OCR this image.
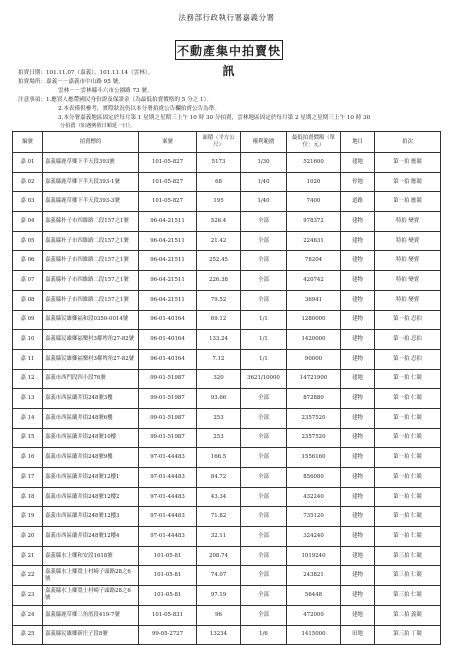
法務部行政執行署嘉義分署
不動產集中拍賣快訊
拍賣日期：101.11.07（嘉義）、101.11.14（雲林）。
拍賣場所：嘉義－－嘉義市中山路 95 號。
雲林－－雲林縣斗六市公園路 73 號。
注意事項：1.應買人應帶國民身份證及保證金（為最低拍賣價格的 5 分之 1）。
2.本表僅供參考，實際狀況仍以本分署拍賣公告欄拍賣公告為準。
3.本分署嘉義地區固定於每月第 1 星期之星期三上午 10 時 30 分拍賣，雲林地區固定於每月第 2 星期之星期三上午 10 時 30
分拍賣（如遇例假日順延一日）。
編號	拍賣標的	案號	面積（平方公尺）	權利範圍	最低拍賣價額（單位：元）	地目	拍次
嘉 01	嘉義縣鹿草鄉下半天段393號	101-05-827	5173	1/30	521600	建地	第一拍 應競
嘉 02	嘉義縣鹿草鄉下半天段393-1號	101-05-827	68	1/40	1020	停地	第一拍 應競
嘉 03	嘉義縣鹿草鄉下半天段393-3號	101-05-827	195	1/40	7400	道路	第一拍 應競
嘉 04	嘉義縣朴子市四維路二段157之1號	96-04-21511	526.4	全部	978372	建物	特拍 變賣
嘉 05	嘉義縣朴子市四維路二段157之1號	96-04-21511	21.42	全部	224631	建物	特拍 變賣
嘉 06	嘉義縣朴子市四維路二段157之1號	96-04-21511	252.45	全部	78204	建物	特拍 變賣
嘉 07	嘉義縣朴子市四維路二段157之1號	96-04-21511	226.38	全部	420742	建物	特拍 變賣
嘉 08	嘉義縣朴子市四維路二段157之1號	96-04-21511	79.52	全部	36941	建物	特拍 變賣
嘉 09	嘉義縣民雄鄉福和段0350-0014號	96-01-40164	69.12	1/1	1280000	建物	第一拍 忍拍
嘉 10	嘉義縣民雄鄉福樂村3鄰埤角27-82號	96-01-40164	133.24	1/1	1420000	建物	第一拍 忍拍
嘉 11	嘉義縣民雄鄉福樂村3鄰埤角27-82號	96-01-40164	7.12	1/1	90000	建物	第一拍 忍拍
嘉 12	嘉義市西門段四小段76號	99-01-51987	320	3621/10000	14721900	建地	第一拍 仁競
嘉 13	嘉義市西區蘭井街248號3樓	99-01-51987	93.66	全部	872880	建物	第一拍 仁競
嘉 14	嘉義市西區蘭井街248號6樓	99-01-51987	253	全部	2357520	建物	第一拍 仁競
嘉 15	嘉義市西區蘭井街248號10樓	99-01-51987	253	全部	2357520	建物	第一拍 仁競
嘉 16	嘉義市西區蘭井街248號9樓	97-01-44483	166.5	全部	1556160	建物	第一拍 仁競
嘉 17	嘉義市西區蘭井街248號12樓1	97-01-44483	84.72	全部	856080	建物	第一拍 仁競
嘉 18	嘉義市西區蘭井街248號12樓2	97-01-44483	43.34	全部	432240	建物	第一拍 仁競
嘉 19	嘉義市西區蘭井街248號12樓3	97-01-44483	71.82	全部	735120	建物	第一拍 仁競
嘉 20	嘉義市西區蘭井街248號12樓4	97-01-44483	32.11	全部	324240	建物	第一拍 仁競
嘉 21	嘉義縣水上鄉和安段1618號	101-05-81	208.74	全部	1019240	建地	第三拍 仁競
嘉 22	嘉義縣水上鄉寬士村崎子頭路28之6號	101-05-81	74.07	全部	243821	建物	第三拍 仁競
嘉 23	嘉義縣水上鄉寬士村崎子頭路28之6號	101-05-81	97.19	全部	56448	建物	第三拍 仁競
嘉 24	嘉義縣鹿草鄉三角厝段419-7號	101-05-831	96	全部	472000	建地	第二拍 義競
嘉 25	嘉義縣民雄鄉新庄子段8號	99-05-2727	13234	1/6	1415000	田地	第三拍 丁競
